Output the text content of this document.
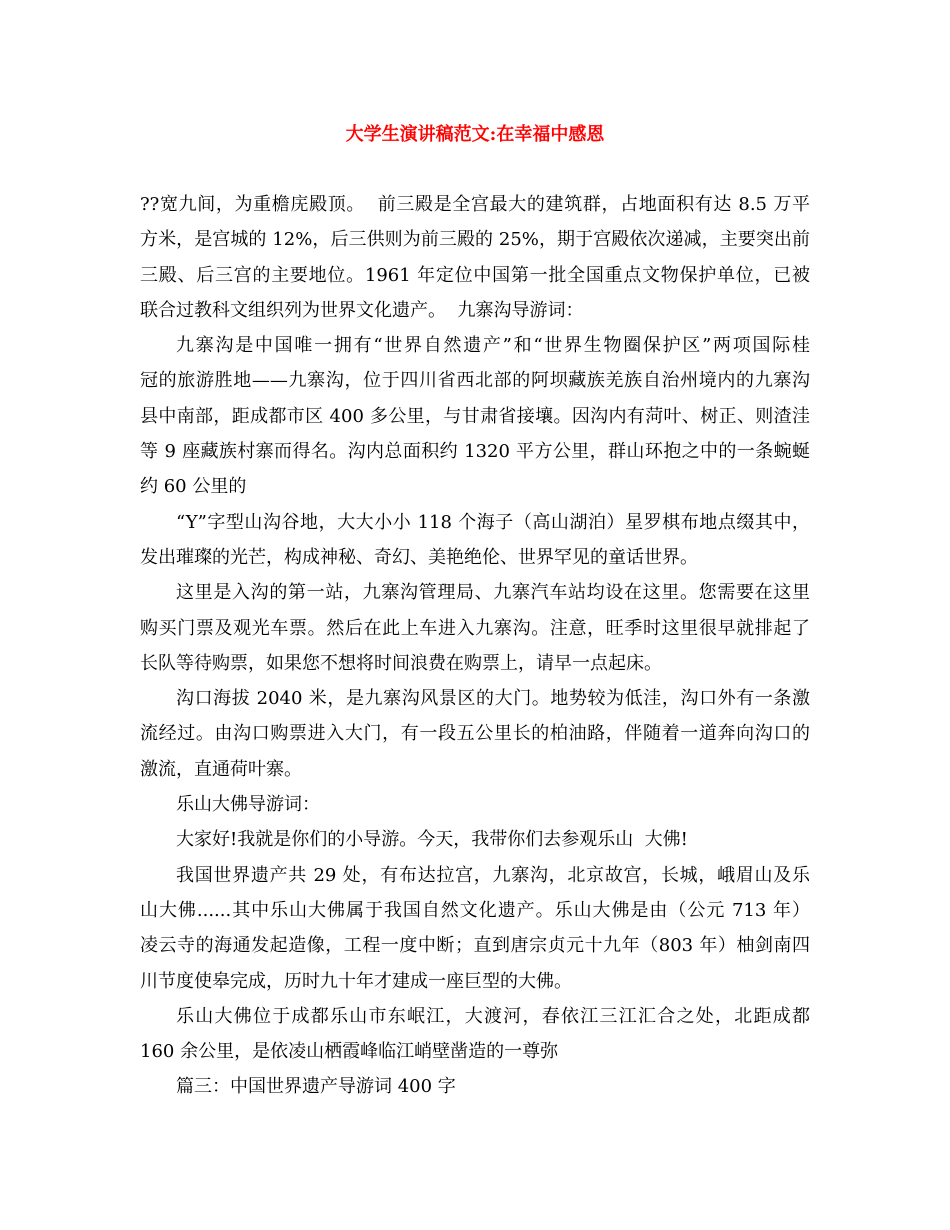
大学生演讲稿范文:在幸福中感恩
??宽九间，为重檐庑殿顶。  前三殿是全宫最大的建筑群，占地面积有达 8.5 万平
方米，是宫城的 12%，后三供则为前三殿的 25%，期于宫殿依次递减，主要突出前
三殿、后三宫的主要地位。1961 年定位中国第一批全国重点文物保护单位，已被
联合过教科文组织列为世界文化遗产。  九寨沟导游词：
九寨沟是中国唯一拥有“世界自然遗产”和“世界生物圈保护区”两项国际桂
冠的旅游胜地——九寨沟，位于四川省西北部的阿坝藏族羌族自治州境内的九寨沟
县中南部，距成都市区 400 多公里，与甘肃省接壤。因沟内有菏叶、树正、则渣洼
等 9 座藏族村寨而得名。沟内总面积约 1320 平方公里，群山环抱之中的一条蜿蜒
约 60 公里的
“Y”字型山沟谷地，大大小小 118 个海子（高山湖泊）星罗棋布地点缀其中，
发出璀璨的光芒，构成神秘、奇幻、美艳绝伦、世界罕见的童话世界。
这里是入沟的第一站，九寨沟管理局、九寨汽车站均设在这里。您需要在这里
购买门票及观光车票。然后在此上车进入九寨沟。注意，旺季时这里很早就排起了
长队等待购票，如果您不想将时间浪费在购票上，请早一点起床。
沟口海拔 2040 米，是九寨沟风景区的大门。地势较为低洼，沟口外有一条激
流经过。由沟口购票进入大门，有一段五公里长的柏油路，伴随着一道奔向沟口的
激流，直通荷叶寨。
乐山大佛导游词：
大家好!我就是你们的小导游。今天，我带你们去参观乐山  大佛!
我国世界遗产共 29 处，有布达拉宫，九寨沟，北京故宫，长城，峨眉山及乐
山大佛......其中乐山大佛属于我国自然文化遗产。乐山大佛是由（公元 713 年）
凌云寺的海通发起造像，工程一度中断；直到唐宗贞元十九年（803 年）柚剑南四
川节度使皋完成，历时九十年才建成一座巨型的大佛。
乐山大佛位于成都乐山市东岷江，大渡河，春依江三江汇合之处，北距成都
160 余公里，是依凌山栖霞峰临江峭壁凿造的一尊弥
篇三：中国世界遗产导游词 400 字
